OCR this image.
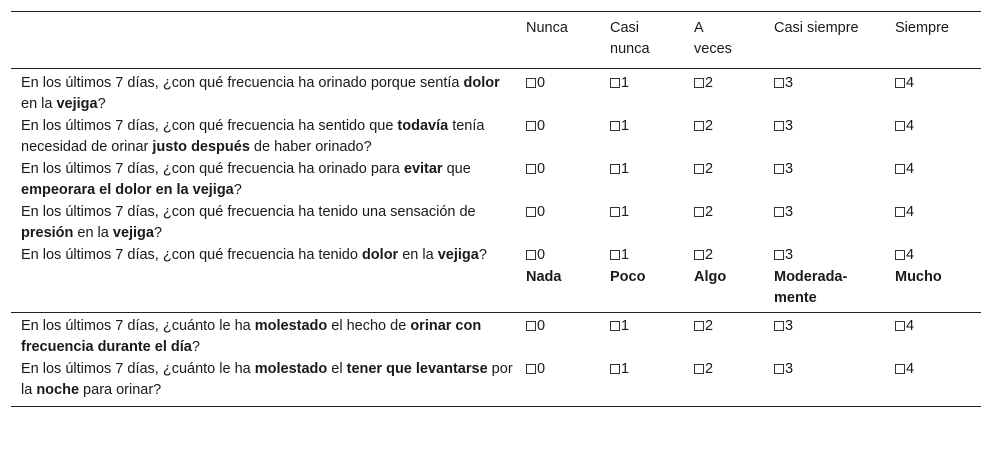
	Nunca	Casi nunca	A veces	Casi siempre	Siempre
En los últimos 7 días, ¿con qué frecuencia ha orinado porque sentía dolor en la vejiga?	0	1	2	3	4
En los últimos 7 días, ¿con qué frecuencia ha sentido que todavía tenía necesidad de orinar justo después de haber orinado?	0	1	2	3	4
En los últimos 7 días, ¿con qué frecuencia ha orinado para evitar que empeorara el dolor en la vejiga?	0	1	2	3	4
En los últimos 7 días, ¿con qué frecuencia ha tenido una sensación de presión en la vejiga?	0	1	2	3	4
En los últimos 7 días, ¿con qué frecuencia ha tenido dolor en la vejiga?	0	1	2	3	4
	Nada	Poco	Algo	Moderada-mente	Mucho
En los últimos 7 días, ¿cuánto le ha molestado el hecho de orinar con frecuencia durante el día?	0	1	2	3	4
En los últimos 7 días, ¿cuánto le ha molestado el tener que levantarse por la noche para orinar?	0	1	2	3	4
